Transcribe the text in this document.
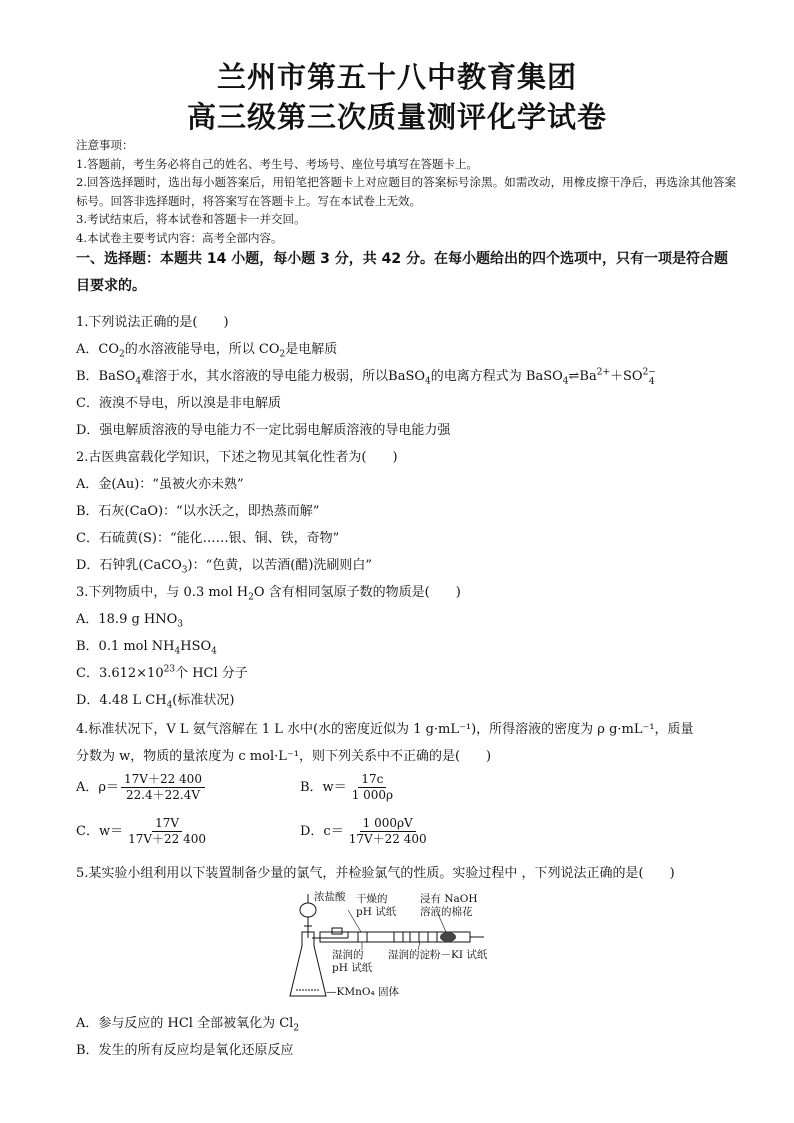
兰州市第五十八中教育集团
高三级第三次质量测评化学试卷
注意事项：
1.答题前，考生务必将自己的姓名、考生号、考场号、座位号填写在答题卡上。
2.回答选择题时，选出每小题答案后，用铅笔把答题卡上对应题目的答案标号涂黑。如需改动，用橡皮擦干净后，再选涂其他答案标号。回答非选择题时，将答案写在答题卡上。写在本试卷上无效。
3.考试结束后，将本试卷和答题卡一并交回。
4.本试卷主要考试内容：高考全部内容。
一、选择题：本题共 14 小题，每小题 3 分，共 42 分。在每小题给出的四个选项中，只有一项是符合题目要求的。
1.下列说法正确的是(　　)
A．$CO_2$的水溶液能导电，所以 $CO_2$是电解质
B．BaSO$_4$难溶于水，其水溶液的导电能力极弱，所以BaSO$_4$的电离方程式为 $BaSO_4\rightleftharpoons Ba^{2+}+SO^{2-}_4$
C．液溴不导电，所以溴是非电解质
D．强电解质溶液的导电能力不一定比弱电解质溶液的导电能力强
2.古医典富载化学知识，下述之物见其氧化性者为(　　)
A．金(Au)：“虽被火亦未熟”
B．石灰(CaO)：“以水沃之，即热蒸而解”
C．石硫黄(S)：“能化……银、铜、铁，奇物”
D．石钟乳(CaCO$_3$)：“色黄，以苦酒(醋)洗刷则白”
3.下列物质中，与 0.3 mol $H_2O$ 含有相同氢原子数的物质是(　　)
A．18.9 g $HNO_3$
B．0.1 mol $NH_4HSO_4$
C．$3.612\times 10^{23}$个 HCl 分子
D．4.48 L $CH_4$(标准状况)
4.标准状况下，V L 氨气溶解在 1 L 水中(水的密度近似为 1 g·mL⁻¹)，所得溶液的密度为 ρ g·mL⁻¹，质量
分数为 w，物质的量浓度为 c mol·L⁻¹，则下列关系中不正确的是(　　)
A．$\rho= \frac{17V+22 400}{22.4+22.4V}$	B．$w= \frac{17c}{1 000\rho}$
C．$w= \frac{17V}{17V+22 400}$	D．$c= \frac{1 000\rho V}{17V+22 400}$
5.某实验小组利用以下装置制备少量的氯气，并检验氯气的性质。实验过程中 ，下列说法正确的是(　　)
浓盐酸 干燥的
pH 试纸
浸有 NaOH
溶液的棉花
湿润的
pH 试纸
湿润的淀粉－KI 试纸
—KMnO₄ 固体
A．参与反应的 HCl 全部被氧化为 $Cl_2$
B．发生的所有反应均是氧化还原反应
